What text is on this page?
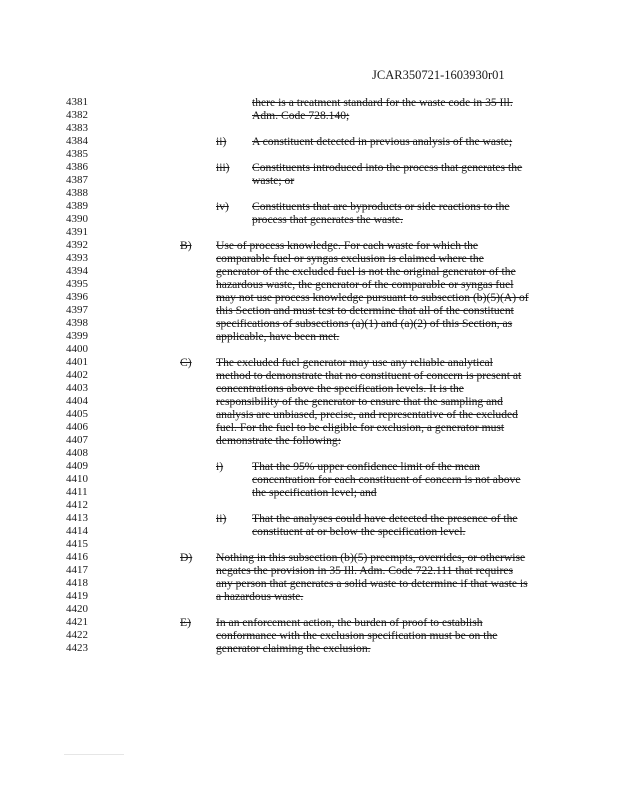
JCAR350721-1603930r01
4381
4382
4383
4384
4385
4386
4387
4388
4389
4390
4391
4392
4393
4394
4395
4396
4397
4398
4399
4400
4401
4402
4403
4404
4405
4406
4407
4408
4409
4410
4411
4412
4413
4414
4415
4416
4417
4418
4419
4420
4421
4422
4423
there is a treatment standard for the waste code in 35 Ill.
Adm. Code 728.140;
ii) A constituent detected in previous analysis of the waste;
iii) Constituents introduced into the process that generates the
waste; or
iv) Constituents that are byproducts or side reactions to the
process that generates the waste.
B) Use of process knowledge. For each waste for which the
comparable fuel or syngas exclusion is claimed where the
generator of the excluded fuel is not the original generator of the
hazardous waste, the generator of the comparable or syngas fuel
may not use process knowledge pursuant to subsection (b)(5)(A) of
this Section and must test to determine that all of the constituent
specifications of subsections (a)(1) and (a)(2) of this Section, as
applicable, have been met.
C) The excluded fuel generator may use any reliable analytical
method to demonstrate that no constituent of concern is present at
concentrations above the specification levels. It is the
responsibility of the generator to ensure that the sampling and
analysis are unbiased, precise, and representative of the excluded
fuel. For the fuel to be eligible for exclusion, a generator must
demonstrate the following:
i) That the 95% upper confidence limit of the mean
concentration for each constituent of concern is not above
the specification level; and
ii) That the analyses could have detected the presence of the
constituent at or below the specification level.
D) Nothing in this subsection (b)(5) preempts, overrides, or otherwise
negates the provision in 35 Ill. Adm. Code 722.111 that requires
any person that generates a solid waste to determine if that waste is
a hazardous waste.
E) In an enforcement action, the burden of proof to establish
conformance with the exclusion specification must be on the
generator claiming the exclusion.
